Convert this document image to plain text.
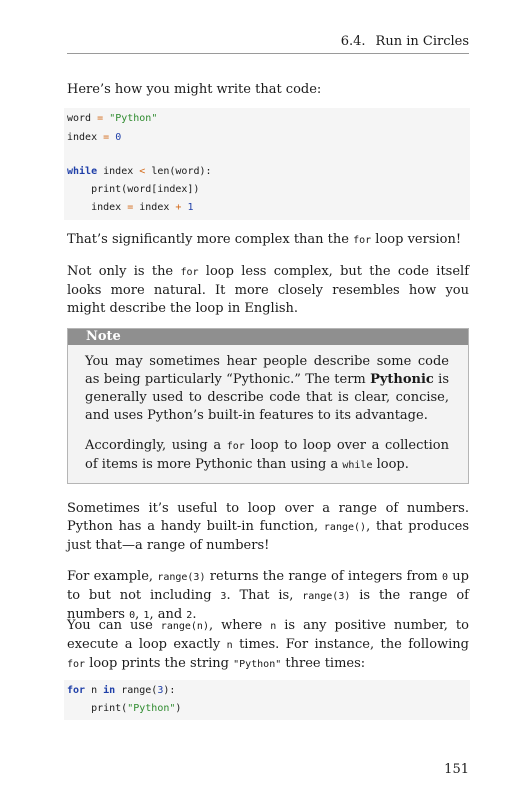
6.4. Run in Circles

Here’s how you might write that code:

word = "Python"
index = 0
while index < len(word):
print(word[index])
index = index + 1

That’s significantly more complex than the for loop version!

Not only is the for loop less complex, but the code itself looks more natural. It more closely resembles how you might describe the loop in English.

Note

You may sometimes hear people describe some code as being particularly “Pythonic.” The term Pythonic is generally used to describe code that is clear, concise, and uses Python’s built-in features to its advantage.

Accordingly, using a for loop to loop over a collection of items is more Pythonic than using a while loop.

Sometimes it’s useful to loop over a range of numbers. Python has a handy built-in function, range(), that produces just that—a range of numbers!

For example, range(3) returns the range of integers from 0 up to but not including 3. That is, range(3) is the range of numbers 0, 1, and 2.

You can use range(n), where n is any positive number, to execute a loop exactly n times. For instance, the following for loop prints the string "Python" three times:

for n in range(3):
print("Python")
151
